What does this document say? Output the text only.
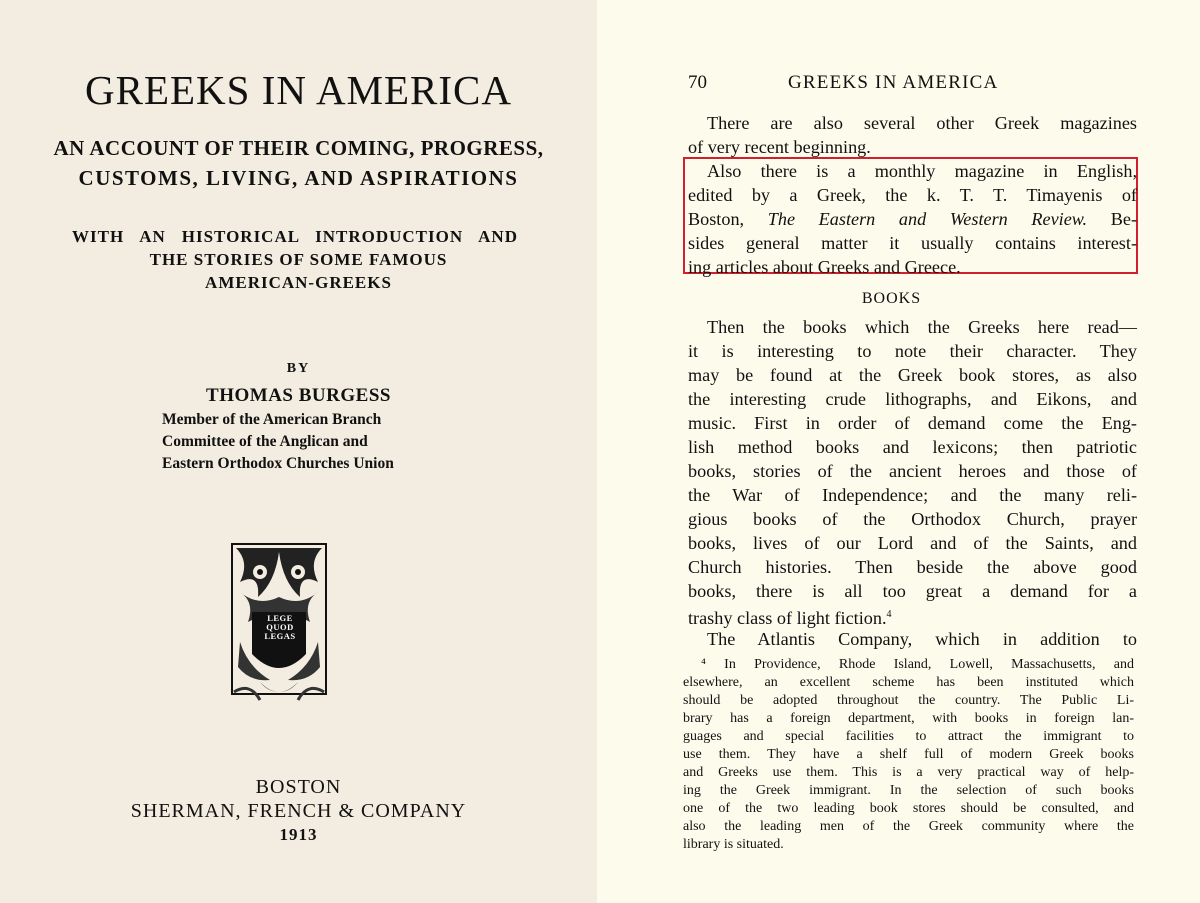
GREEKS IN AMERICA
AN ACCOUNT OF THEIR COMING, PROGRESS,
CUSTOMS, LIVING, AND ASPIRATIONS
WITH AN HISTORICAL INTRODUCTION AND
THE STORIES OF SOME FAMOUS
AMERICAN-GREEKS
BY
THOMAS BURGESS
Member of the American Branch
Committee of the Anglican and
Eastern Orthodox Churches Union
LEGE
QUOD
LEGAS
BOSTON
SHERMAN, FRENCH & COMPANY
1913
70	GREEKS IN AMERICA
There are also several other Greek magazines
of very recent beginning.
Also there is a monthly magazine in English,
edited by a Greek, the k. T. T. Timayenis of
Boston, The Eastern and Western Review. Be-
sides general matter it usually contains interest-
ing articles about Greeks and Greece.
BOOKS
Then the books which the Greeks here read—
it is interesting to note their character. They
may be found at the Greek book stores, as also
the interesting crude lithographs, and Eikons, and
music. First in order of demand come the Eng-
lish method books and lexicons; then patriotic
books, stories of the ancient heroes and those of
the War of Independence; and the many reli-
gious books of the Orthodox Church, prayer
books, lives of our Lord and of the Saints, and
Church histories. Then beside the above good
books, there is all too great a demand for a
trashy class of light fiction.$^4$
The Atlantis Company, which in addition to
⁴ In Providence, Rhode Island, Lowell, Massachusetts, and
elsewhere, an excellent scheme has been instituted which
should be adopted throughout the country. The Public Li-
brary has a foreign department, with books in foreign lan-
guages and special facilities to attract the immigrant to
use them. They have a shelf full of modern Greek books
and Greeks use them. This is a very practical way of help-
ing the Greek immigrant. In the selection of such books
one of the two leading book stores should be consulted, and
also the leading men of the Greek community where the
library is situated.
